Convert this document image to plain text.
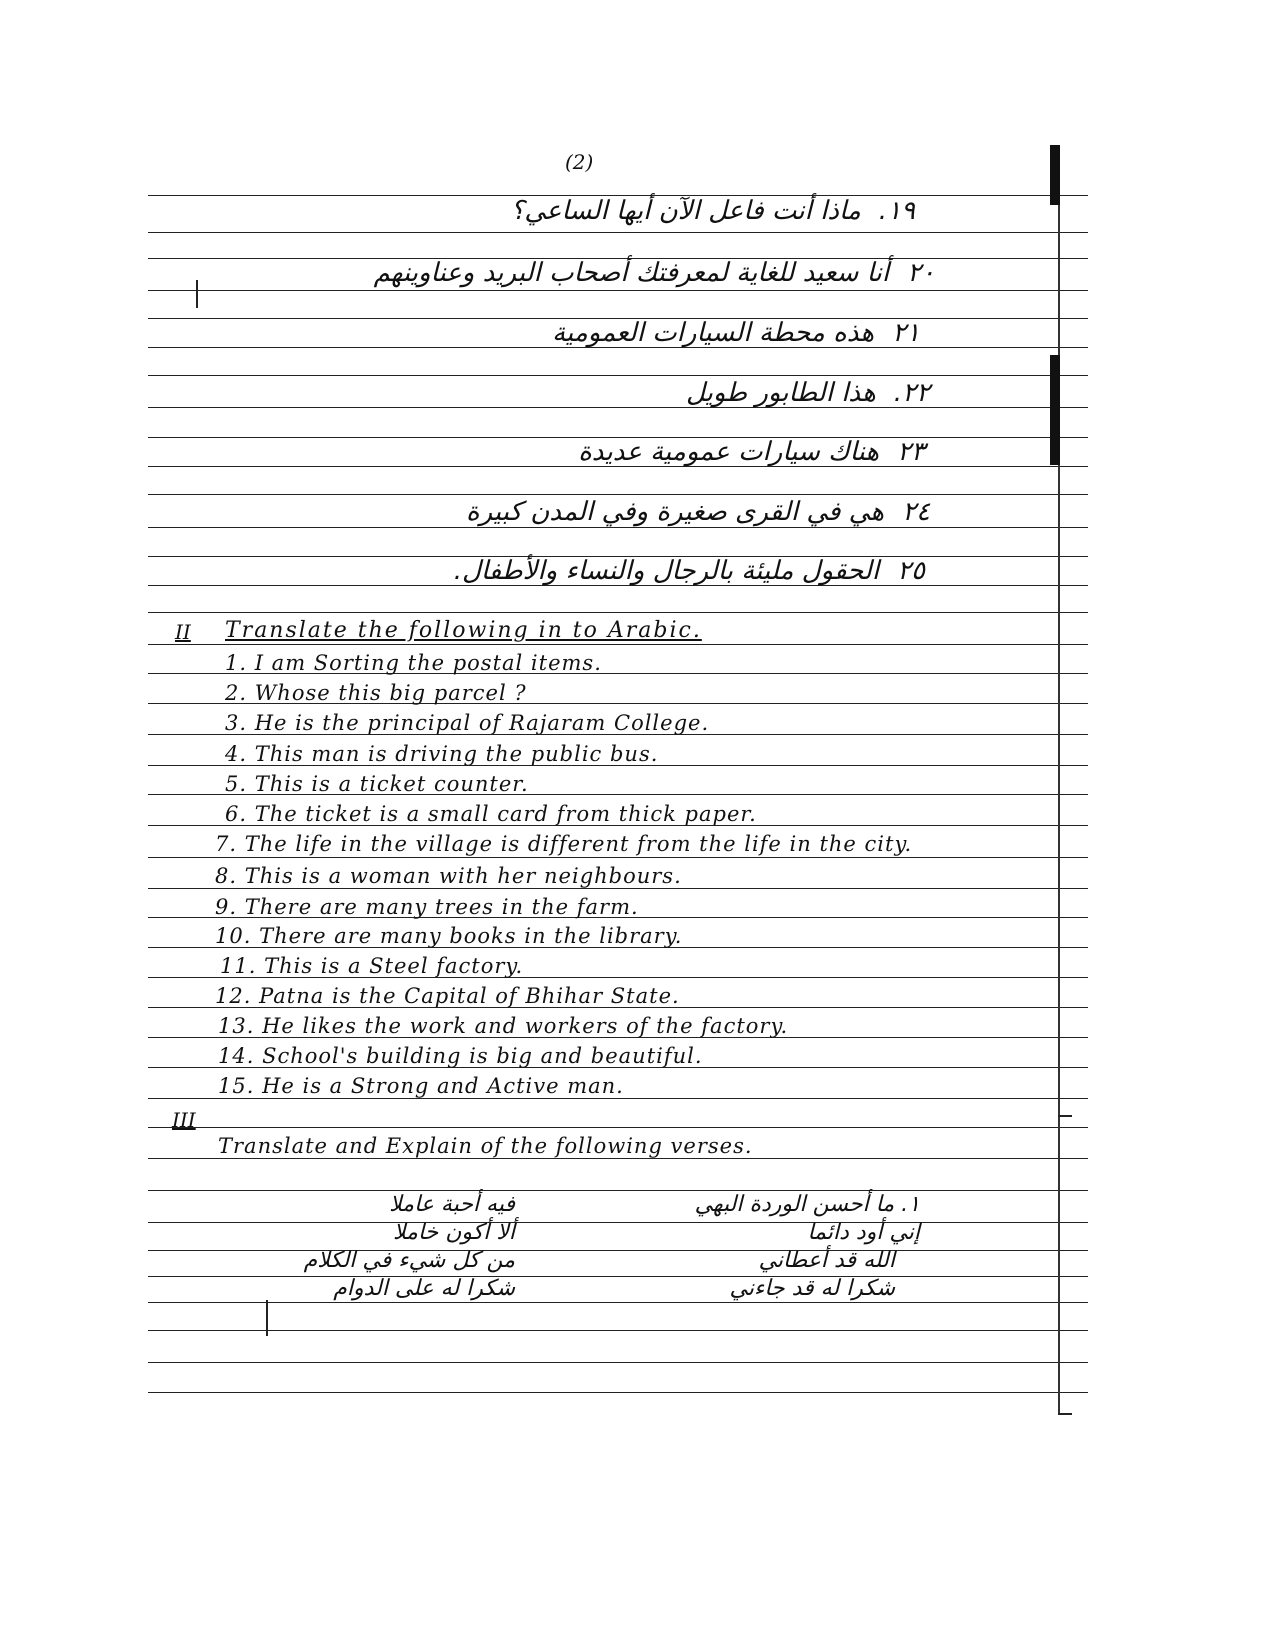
(2)
١٩.ماذا أنت فاعل الآن أيها الساعي؟
٢٠أنا سعيد للغاية لمعرفتك أصحاب البريد وعناوينهم
٢١هذه محطة السيارات العمومية
٢٢.هذا الطابور طويل
٢٣هناك سيارات عمومية عديدة
٢٤هي في القرى صغيرة وفي المدن كبيرة
٢٥الحقول مليئة بالرجال والنساء والأطفال.
II Translate the following in to Arabic.
1. I am Sorting the postal items.
2. Whose this big parcel ?
3. He is the principal of Rajaram College.
4. This man is driving the public bus.
5. This is a ticket counter.
6. The ticket is a small card from thick paper.
7. The life in the village is different from the life in the city.
8. This is a woman with her neighbours.
9. There are many trees in the farm.
10. There are many books in the library.
11. This is a Steel factory.
12. Patna is the Capital of Bhihar State.
13. He likes the work and workers of the factory.
14. School's building is big and beautiful.
15. He is a Strong and Active man.
III
Translate and Explain of the following verses.
١. ما أحسن الوردة البهي
إني أود دائما
الله قد أعطاني
شكرا له قد جاءني
فيه أحبة عاملا
ألا أكون خاملا
من كل شيء في الكلام
شكرا له على الدوام
